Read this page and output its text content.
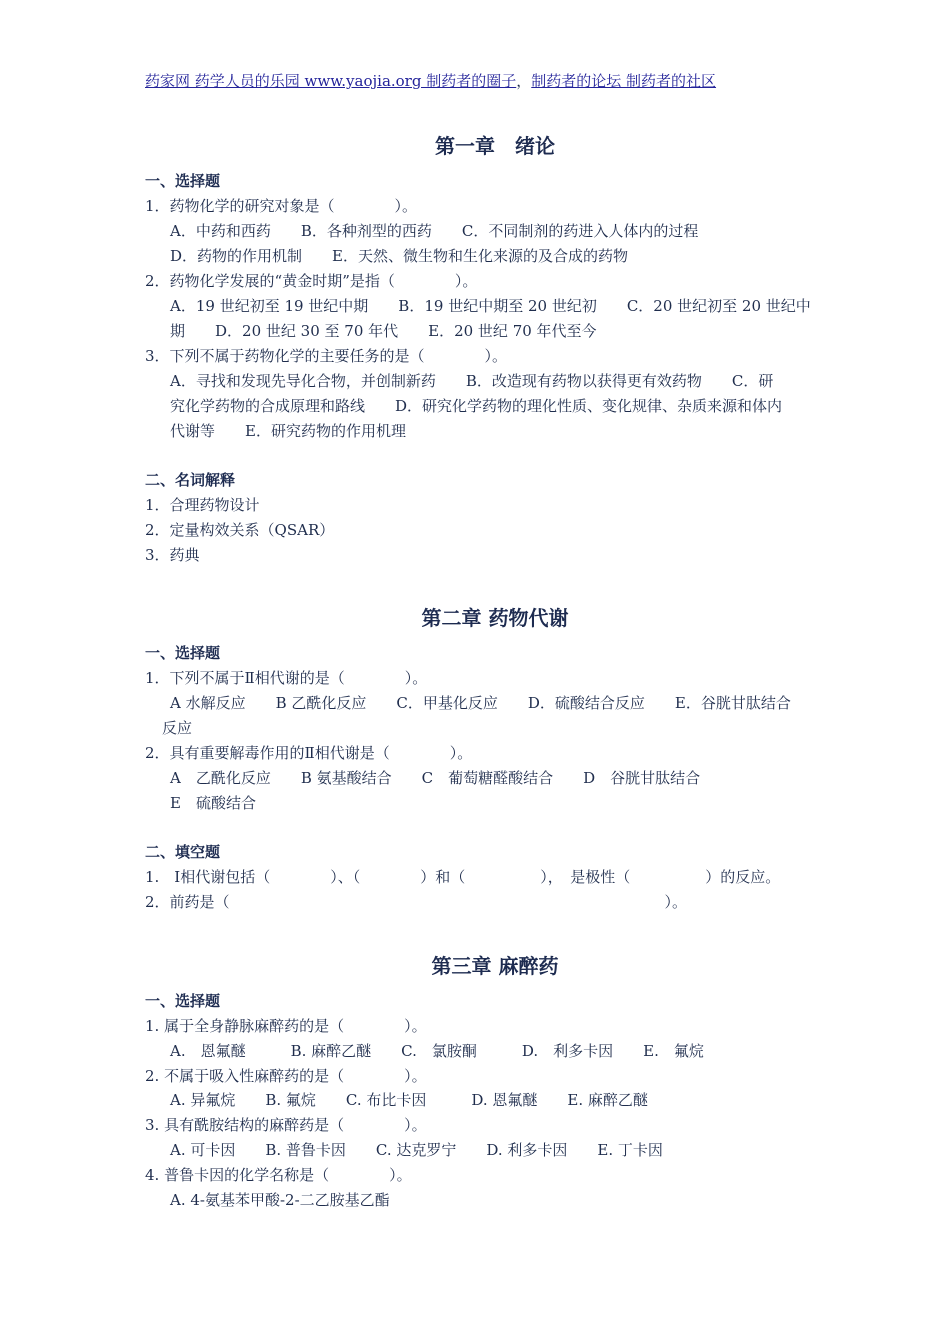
药家网 药学人员的乐园 www.yaojia.org 制药者的圈子，制药者的论坛 制药者的社区
第一章　绪论
一、选择题
1．药物化学的研究对象是（　　　　）。
A．中药和西药　　B．各种剂型的西药　　C．不同制剂的药进入人体内的过程
D．药物的作用机制　　E．天然、微生物和生化来源的及合成的药物
2．药物化学发展的“黄金时期”是指（　　　　）。
A．19 世纪初至 19 世纪中期　　B．19 世纪中期至 20 世纪初　　C．20 世纪初至 20 世纪中
期　　D．20 世纪 30 至 70 年代　　E．20 世纪 70 年代至今
3．下列不属于药物化学的主要任务的是（　　　　）。
A．寻找和发现先导化合物，并创制新药　　B．改造现有药物以获得更有效药物　　C．研
究化学药物的合成原理和路线　　D．研究化学药物的理化性质、变化规律、杂质来源和体内
代谢等　　E．研究药物的作用机理
二、名词解释
1．合理药物设计
2．定量构效关系（QSAR）
3．药典
第二章 药物代谢
一、选择题
1．下列不属于Ⅱ相代谢的是（　　　　）。
A 水解反应　　B 乙酰化反应　　C．甲基化反应　　D．硫酸结合反应　　E．谷胱甘肽结合
反应
2．具有重要解毒作用的Ⅱ相代谢是（　　　　）。
A　乙酰化反应　　B 氨基酸结合　　C　葡萄糖醛酸结合　　D　谷胱甘肽结合
E　硫酸结合
二、填空题
1.　Ⅰ相代谢包括（　　　　）、（　　　　）和（　　　　　），　是极性（　　　　　）的反应。
2．前药是（　　　　　　　　　　　　　　　　　　　　　　　　　　　　　）。
第三章 麻醉药
一、选择题
1. 属于全身静脉麻醉药的是（　　　　）。
A.　恩氟醚　　　B. 麻醉乙醚　　C.　氯胺酮　　　D.　利多卡因　　E.　氟烷
2. 不属于吸入性麻醉药的是（　　　　）。
A. 异氟烷　　B. 氟烷　　C. 布比卡因　　　D. 恩氟醚　　E. 麻醉乙醚
3. 具有酰胺结构的麻醉药是（　　　　）。
A. 可卡因　　B. 普鲁卡因　　C. 达克罗宁　　D. 利多卡因　　E. 丁卡因
4. 普鲁卡因的化学名称是（　　　　）。
A. 4-氨基苯甲酸-2-二乙胺基乙酯
